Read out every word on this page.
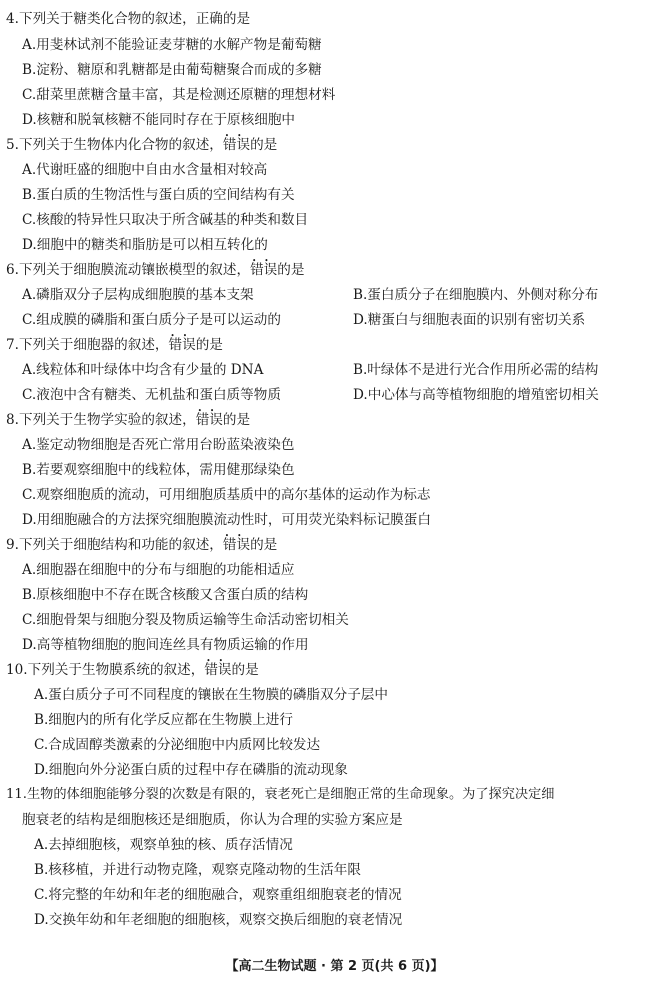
4.下列关于糖类化合物的叙述，正确的是
A.用斐林试剂不能验证麦芽糖的水解产物是葡萄糖
B.淀粉、糖原和乳糖都是由葡萄糖聚合而成的多糖
C.甜菜里蔗糖含量丰富，其是检测还原糖的理想材料
D.核糖和脱氧核糖不能同时存在于原核细胞中
5.下列关于生物体内化合物的叙述，错误 • •的是
A.代谢旺盛的细胞中自由水含量相对较高
B.蛋白质的生物活性与蛋白质的空间结构有关
C.核酸的特异性只取决于所含碱基的种类和数目
D.细胞中的糖类和脂肪是可以相互转化的
6.下列关于细胞膜流动镶嵌模型的叙述，错误 • •的是
A.磷脂双分子层构成细胞膜的基本支架	B.蛋白质分子在细胞膜内、外侧对称分布
C.组成膜的磷脂和蛋白质分子是可以运动的	D.糖蛋白与细胞表面的识别有密切关系
7.下列关于细胞器的叙述，错误 • •的是
A.线粒体和叶绿体中均含有少量的 DNA	B.叶绿体不是进行光合作用所必需的结构
C.液泡中含有糖类、无机盐和蛋白质等物质	D.中心体与高等植物细胞的增殖密切相关
8.下列关于生物学实验的叙述，错误 • •的是
A.鉴定动物细胞是否死亡常用台盼蓝染液染色
B.若要观察细胞中的线粒体，需用健那绿染色
C.观察细胞质的流动，可用细胞质基质中的高尔基体的运动作为标志
D.用细胞融合的方法探究细胞膜流动性时，可用荧光染料标记膜蛋白
9.下列关于细胞结构和功能的叙述，错误 • •的是
A.细胞器在细胞中的分布与细胞的功能相适应
B.原核细胞中不存在既含核酸又含蛋白质的结构
C.细胞骨架与细胞分裂及物质运输等生命活动密切相关
D.高等植物细胞的胞间连丝具有物质运输的作用
10.下列关于生物膜系统的叙述，错误 • •的是
A.蛋白质分子可不同程度的镶嵌在生物膜的磷脂双分子层中
B.细胞内的所有化学反应都在生物膜上进行
C.合成固醇类激素的分泌细胞中内质网比较发达
D.细胞向外分泌蛋白质的过程中存在磷脂的流动现象
11.生物的体细胞能够分裂的次数是有限的，衰老死亡是细胞正常的生命现象。为了探究决定细
胞衰老的结构是细胞核还是细胞质，你认为合理的实验方案应是
A.去掉细胞核，观察单独的核、质存活情况
B.核移植，并进行动物克隆，观察克隆动物的生活年限
C.将完整的年幼和年老的细胞融合，观察重组细胞衰老的情况
D.交换年幼和年老细胞的细胞核，观察交换后细胞的衰老情况
【高二生物试题 · 第 2 页(共 6 页)】
